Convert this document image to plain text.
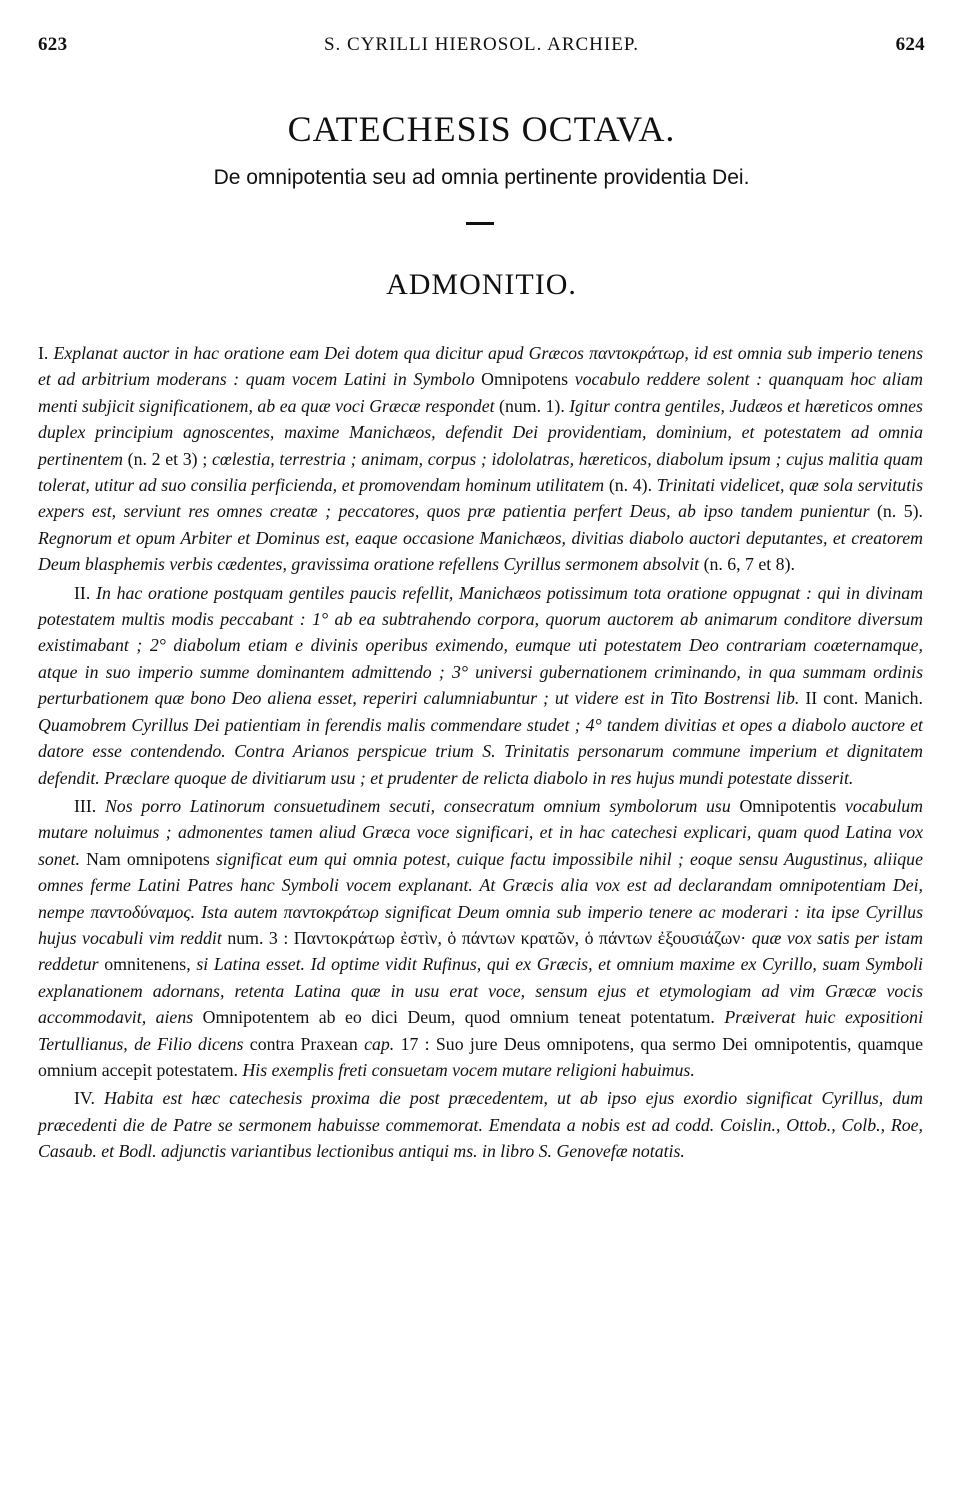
623	S. CYRILLI HIEROSOL. ARCHIEP.	624
CATECHESIS OCTAVA.
De omnipotentia seu ad omnia pertinente providentia Dei.
ADMONITIO.

I. Explanat auctor in hac oratione eam Dei dotem qua dicitur apud Græcos παντοκράτωρ, id est omnia sub imperio tenens et ad arbitrium moderans : quam vocem Latini in Symbolo Omnipotens vocabulo reddere solent : quanquam hoc aliam menti subjicit significationem, ab ea quæ voci Græcæ respondet (num. 1). Igitur contra gentiles, Judæos et hæreticos omnes duplex principium agnoscentes, maxime Manichæos, defendit Dei providentiam, dominium, et potestatem ad omnia pertinentem (n. 2 et 3) ; cœlestia, terrestria ; animam, corpus ; idololatras, hæreticos, diabolum ipsum ; cujus malitia quam tolerat, utitur ad suo consilia perficienda, et promovendam hominum utilitatem (n. 4). Trinitati videlicet, quæ sola servitutis expers est, serviunt res omnes creatæ ; peccatores, quos præ patientia perfert Deus, ab ipso tandem punientur (n. 5). Regnorum et opum Arbiter et Dominus est, eaque occasione Manichæos, divitias diabolo auctori deputantes, et creatorem Deum blasphemis verbis cædentes, gravissima oratione refellens Cyrillus sermonem absolvit (n. 6, 7 et 8).

II. In hac oratione postquam gentiles paucis refellit, Manichæos potissimum tota oratione oppugnat : qui in divinam potestatem multis modis peccabant : 1° ab ea subtrahendo corpora, quorum auctorem ab animarum conditore diversum existimabant ; 2° diabolum etiam e divinis operibus eximendo, eumque uti potestatem Deo contrariam coæternamque, atque in suo imperio summe dominantem admittendo ; 3° universi gubernationem criminando, in qua summam ordinis perturbationem quæ bono Deo aliena esset, reperiri calumniabuntur ; ut videre est in Tito Bostrensi lib. II cont. Manich. Quamobrem Cyrillus Dei patientiam in ferendis malis commendare studet ; 4° tandem divitias et opes a diabolo auctore et datore esse contendendo. Contra Arianos perspicue trium S. Trinitatis personarum commune imperium et dignitatem defendit. Præclare quoque de divitiarum usu ; et prudenter de relicta diabolo in res hujus mundi potestate disserit.

III. Nos porro Latinorum consuetudinem secuti, consecratum omnium symbolorum usu Omnipotentis vocabulum mutare noluimus ; admonentes tamen aliud Græca voce significari, et in hac catechesi explicari, quam quod Latina vox sonet. Nam omnipotens significat eum qui omnia potest, cuique factu impossibile nihil ; eoque sensu Augustinus, aliique omnes ferme Latini Patres hanc Symboli vocem explanant. At Græcis alia vox est ad declarandam omnipotentiam Dei, nempe παντοδύναμος. Ista autem παντοκράτωρ significat Deum omnia sub imperio tenere ac moderari : ita ipse Cyrillus hujus vocabuli vim reddit num. 3 : Παντοκράτωρ ἐστὶν, ὁ πάντων κρατῶν, ὁ πάντων ἐξουσιάζων· quæ vox satis per istam reddetur omnitenens, si Latina esset. Id optime vidit Rufinus, qui ex Græcis, et omnium maxime ex Cyrillo, suam Symboli explanationem adornans, retenta Latina quæ in usu erat voce, sensum ejus et etymologiam ad vim Græcæ vocis accommodavit, aiens Omnipotentem ab eo dici Deum, quod omnium teneat potentatum. Præiverat huic expositioni Tertullianus, de Filio dicens contra Praxean cap. 17 : Suo jure Deus omnipotens, qua sermo Dei omnipotentis, quamque omnium accepit potestatem. His exemplis freti consuetam vocem mutare religioni habuimus.

IV. Habita est hæc catechesis proxima die post præcedentem, ut ab ipso ejus exordio significat Cyrillus, dum præcedenti die de Patre se sermonem habuisse commemorat. Emendata a nobis est ad codd. Coislin., Ottob., Colb., Roe, Casaub. et Bodl. adjunctis variantibus lectionibus antiqui ms. in libro S. Genovefæ notatis.
